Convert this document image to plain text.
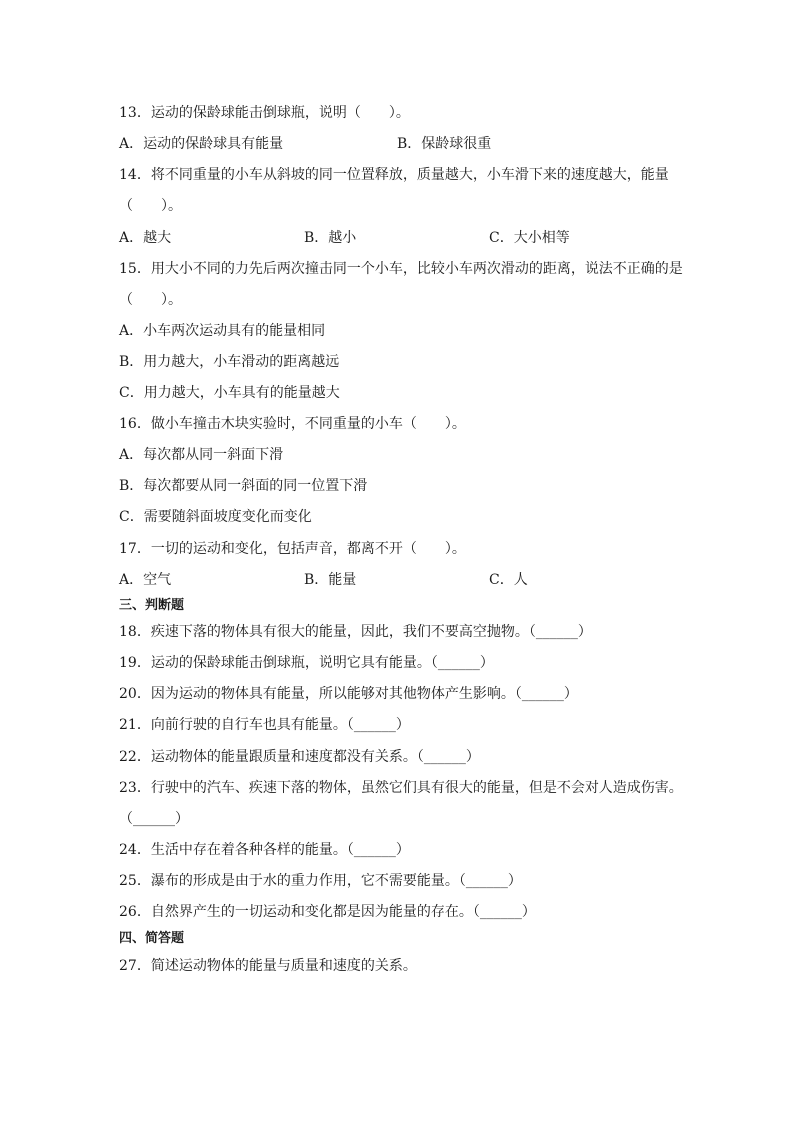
13．运动的保龄球能击倒球瓶，说明（　　）。
A．运动的保龄球具有能量	B．保龄球很重
14．将不同重量的小车从斜坡的同一位置释放，质量越大，小车滑下来的速度越大，能量
（　　）。
A．越大	B．越小	C．大小相等
15．用大小不同的力先后两次撞击同一个小车，比较小车两次滑动的距离，说法不正确的是
（　　）。
A．小车两次运动具有的能量相同
B．用力越大，小车滑动的距离越远
C．用力越大，小车具有的能量越大
16．做小车撞击木块实验时，不同重量的小车（　　）。
A．每次都从同一斜面下滑
B．每次都要从同一斜面的同一位置下滑
C．需要随斜面坡度变化而变化
17．一切的运动和变化，包括声音，都离不开（　　）。
A．空气	B．能量	C．人
三、判断题
18．疾速下落的物体具有很大的能量，因此，我们不要高空抛物。（______）
19．运动的保龄球能击倒球瓶，说明它具有能量。（______）
20．因为运动的物体具有能量，所以能够对其他物体产生影响。（______）
21．向前行驶的自行车也具有能量。（______）
22．运动物体的能量跟质量和速度都没有关系。（______）
23．行驶中的汽车、疾速下落的物体，虽然它们具有很大的能量，但是不会对人造成伤害。
（______）
24．生活中存在着各种各样的能量。（______）
25．瀑布的形成是由于水的重力作用，它不需要能量。（______）
26．自然界产生的一切运动和变化都是因为能量的存在。（______）
四、简答题
27．简述运动物体的能量与质量和速度的关系。
